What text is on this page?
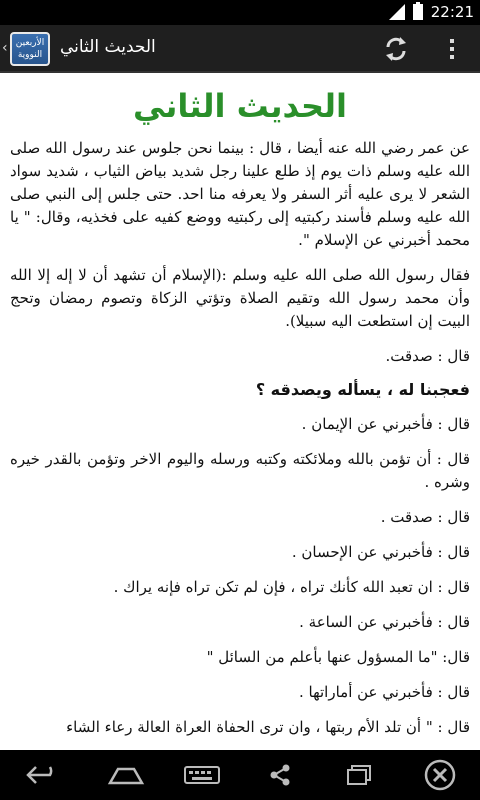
22:21
‹ الأربعين
النووية	الحديث الثاني
الحديث الثاني

عن عمر رضي الله عنه أيضا ، قال : بينما نحن جلوس عند رسول الله صلى الله عليه وسلم ذات يوم إذ طلع علينا رجل شديد بياض الثياب ، شديد سواد الشعر لا يرى عليه أثر السفر ولا يعرفه منا احد. حتى جلس إلى النبي صلى الله عليه وسلم فأسند ركبتيه إلى ركبتيه ووضع كفيه على فخذيه، وقال: " يا محمد أخبرني عن الإسلام ".

فقال رسول الله صلى الله عليه وسلم :(الإسلام أن تشهد أن لا إله إلا الله وأن محمد رسول الله وتقيم الصلاة وتؤتي الزكاة وتصوم رمضان وتحج البيت إن استطعت اليه سبيلا).

قال : صدقت.

فعجبنا له ، يسأله ويصدقه ؟

قال : فأخبرني عن الإيمان .

قال : أن تؤمن بالله وملائكته وكتبه ورسله واليوم الاخر وتؤمن بالقدر خيره وشره .

قال : صدقت .

قال : فأخبرني عن الإحسان .

قال : ان تعبد الله كأنك تراه ، فإن لم تكن تراه فإنه يراك .

قال : فأخبرني عن الساعة .

قال: "ما المسؤول عنها بأعلم من السائل "

قال : فأخبرني عن أماراتها .

قال : " أن تلد الأم ربتها ، وان ترى الحفاة العراة العالة رعاء الشاء
